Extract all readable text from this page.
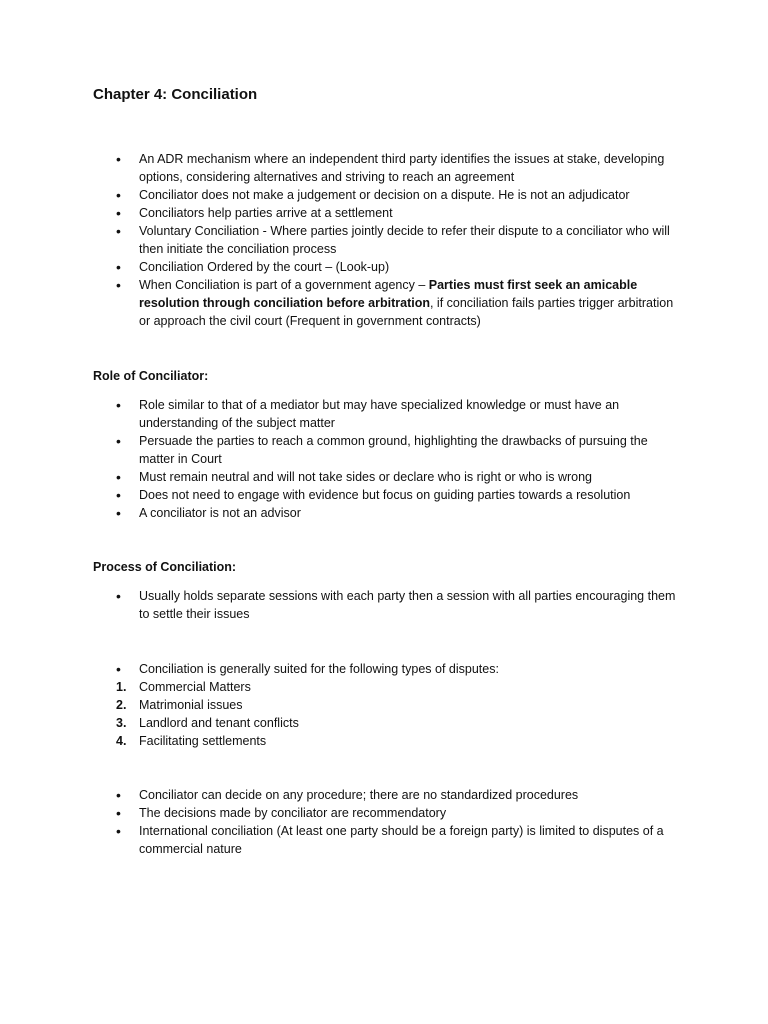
Chapter 4: Conciliation
• An ADR mechanism where an independent third party identifies the issues at stake, developing options, considering alternatives and striving to reach an agreement
• Conciliator does not make a judgement or decision on a dispute. He is not an adjudicator
• Conciliators help parties arrive at a settlement
• Voluntary Conciliation - Where parties jointly decide to refer their dispute to a conciliator who will then initiate the conciliation process
• Conciliation Ordered by the court – (Look-up)
• When Conciliation is part of a government agency – Parties must first seek an amicable resolution through conciliation before arbitration, if conciliation fails parties trigger arbitration or approach the civil court (Frequent in government contracts)
Role of Conciliator:
• Role similar to that of a mediator but may have specialized knowledge or must have an understanding of the subject matter
• Persuade the parties to reach a common ground, highlighting the drawbacks of pursuing the matter in Court
• Must remain neutral and will not take sides or declare who is right or who is wrong
• Does not need to engage with evidence but focus on guiding parties towards a resolution
• A conciliator is not an advisor
Process of Conciliation:
• Usually holds separate sessions with each party then a session with all parties encouraging them to settle their issues
• Conciliation is generally suited for the following types of disputes:
1. Commercial Matters
2. Matrimonial issues
3. Landlord and tenant conflicts
4. Facilitating settlements
• Conciliator can decide on any procedure; there are no standardized procedures
• The decisions made by conciliator are recommendatory
• International conciliation (At least one party should be a foreign party) is limited to disputes of a commercial nature
